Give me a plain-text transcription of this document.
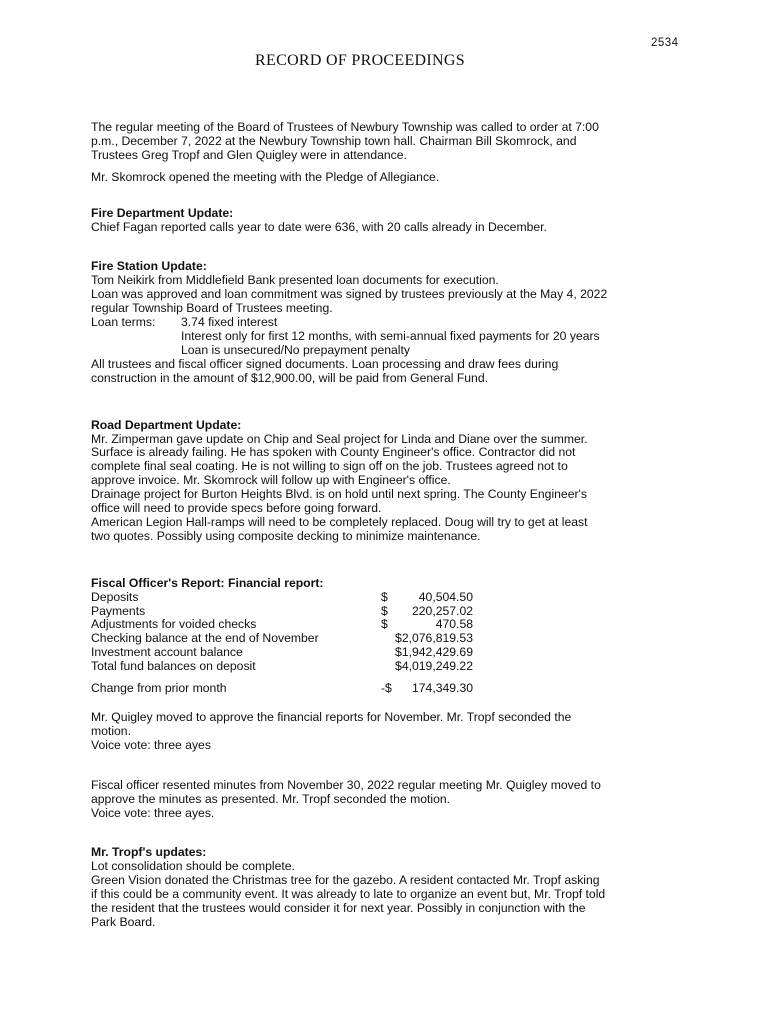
2534
RECORD OF PROCEEDINGS

The regular meeting of the Board of Trustees of Newbury Township was called to order at 7:00

p.m., December 7, 2022 at the Newbury Township town hall. Chairman Bill Skomrock, and

Trustees Greg Tropf and Glen Quigley were in attendance.

Mr. Skomrock opened the meeting with the Pledge of Allegiance.

Fire Department Update:

Chief Fagan reported calls year to date were 636, with 20 calls already in December.

Fire Station Update:

Tom Neikirk from Middlefield Bank presented loan documents for execution.

Loan was approved and loan commitment was signed by trustees previously at the May 4, 2022

regular Township Board of Trustees meeting.

Loan terms:	3.74 fixed interest

Interest only for first 12 months, with semi-annual fixed payments for 20 years

Loan is unsecured/No prepayment penalty

All trustees and fiscal officer signed documents. Loan processing and draw fees during

construction in the amount of $12,900.00, will be paid from General Fund.

Road Department Update:

Mr. Zimperman gave update on Chip and Seal project for Linda and Diane over the summer.

Surface is already failing. He has spoken with County Engineer's office. Contractor did not

complete final seal coating. He is not willing to sign off on the job. Trustees agreed not to

approve invoice. Mr. Skomrock will follow up with Engineer's office.

Drainage project for Burton Heights Blvd. is on hold until next spring. The County Engineer's

office will need to provide specs before going forward.

American Legion Hall-ramps will need to be completely replaced. Doug will try to get at least

two quotes. Possibly using composite decking to minimize maintenance.

Fiscal Officer's Report: Financial report:

Deposits	$	40,504.50
Payments	$ 220,257.02
Adjustments for voided checks	$	470.58
Checking balance at the end of November	$2,076,819.53
Investment account balance	$1,942,429.69
Total fund balances on deposit	$4,019,249.22
Change from prior month	-$ 174,349.30

Mr. Quigley moved to approve the financial reports for November. Mr. Tropf seconded the

motion.

Voice vote: three ayes

Fiscal officer resented minutes from November 30, 2022 regular meeting Mr. Quigley moved to

approve the minutes as presented. Mr. Tropf seconded the motion.

Voice vote: three ayes.

Mr. Tropf's updates:

Lot consolidation should be complete.

Green Vision donated the Christmas tree for the gazebo. A resident contacted Mr. Tropf asking

if this could be a community event. It was already to late to organize an event but, Mr. Tropf told

the resident that the trustees would consider it for next year. Possibly in conjunction with the

Park Board.
